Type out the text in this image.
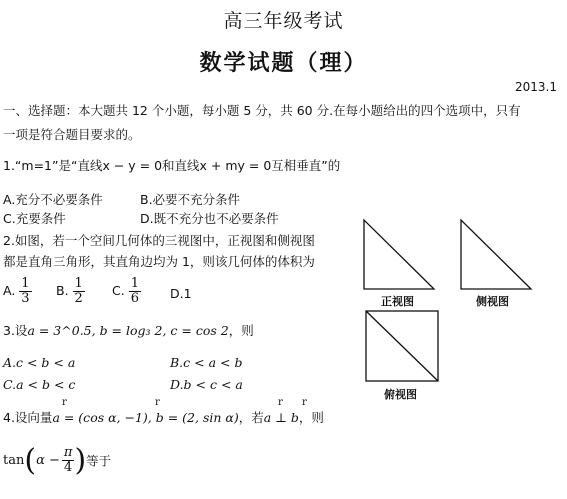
高三年级考试
数学试题（理）
2013.1
一、选择题：本大题共 12 个小题，每小题 5 分，共 60 分.在每小题给出的四个选项中，只有
一项是符合题目要求的。
1.“m=1”是“直线x − y = 0和直线x + my = 0互相垂直”的
A.充分不必要条件	B.必要不充分条件
C.充要条件	D.既不充分也不必要条件
2.如图，若一个空间几何体的三视图中，正视图和侧视图
都是直角三角形，其直角边均为 1，则该几何体的体积为
A. $\frac{1}{3} B$. $\frac{1}{2} C$. $\frac{1}{6} D.1$
正视图	侧视图
俯视图
3.设a = 3^0.5, b = log₃ 2, c = cos 2，则
A.c < b < a	B.c < a < b
C.a < b < c	D.b < c < a
r	r	r r
4.设向量a = (cos α, −1), b = (2, sin α)，若a ⊥ b，则
$\tan(\alpha - \frac{\pi}{4}$ )等于
